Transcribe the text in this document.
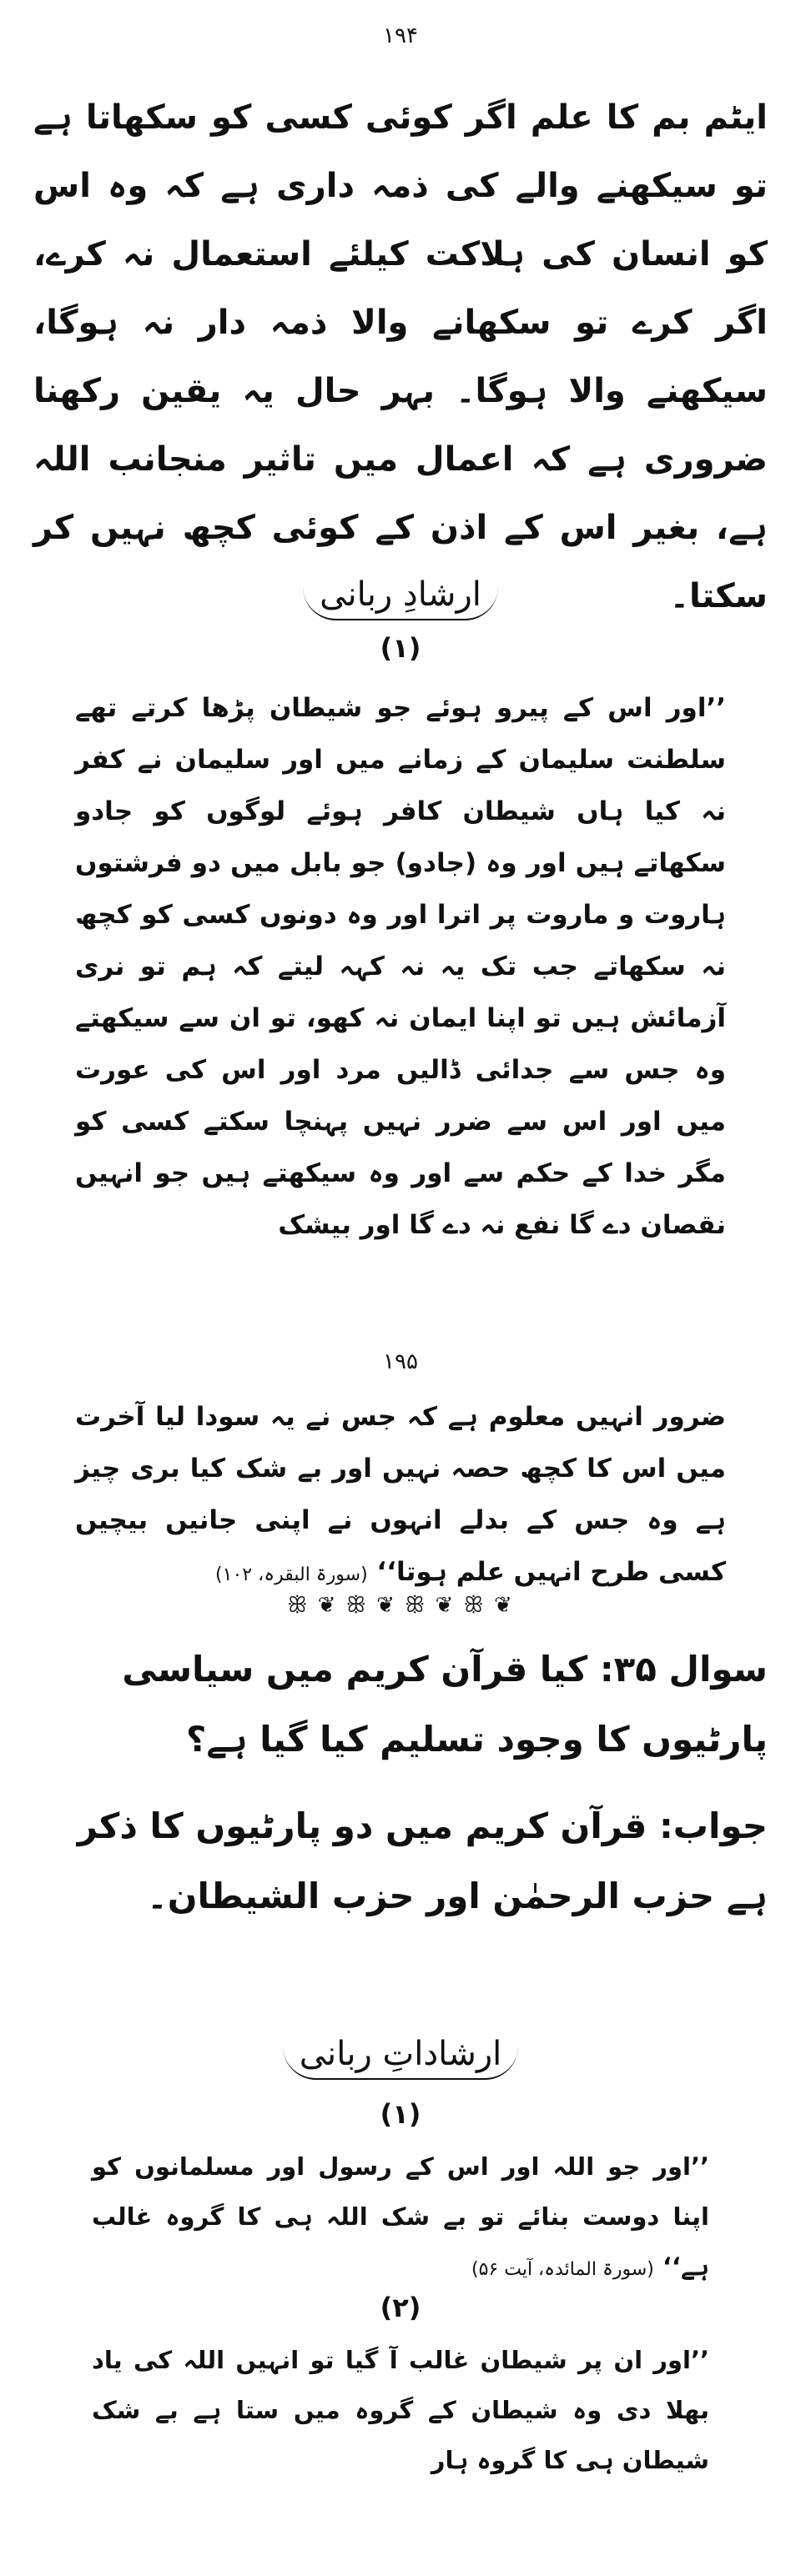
۱۹۴

ایٹم بم کا علم اگر کوئی کسی کو سکھاتا ہے تو سیکھنے والے کی ذمہ داری ہے کہ وہ اس کو انسان کی ہلاکت کیلئے استعمال نہ کرے، اگر کرے تو سکھانے والا ذمہ دار نہ ہوگا، سیکھنے والا ہوگا۔ بہر حال یہ یقین رکھنا ضروری ہے کہ اعمال میں تاثیر منجانب اللہ ہے، بغیر اس کے اذن کے کوئی کچھ نہیں کر سکتا۔

ارشادِ ربانی
(۱)

’’اور اس کے پیرو ہوئے جو شیطان پڑھا کرتے تھے سلطنت سلیمان کے زمانے میں اور سلیمان نے کفر نہ کیا ہاں شیطان کافر ہوئے لوگوں کو جادو سکھاتے ہیں اور وہ (جادو) جو بابل میں دو فرشتوں ہاروت و ماروت پر اترا اور وہ دونوں کسی کو کچھ نہ سکھاتے جب تک یہ نہ کہہ لیتے کہ ہم تو نری آزمائش ہیں تو اپنا ایمان نہ کھو، تو ان سے سیکھتے وہ جس سے جدائی ڈالیں مرد اور اس کی عورت میں اور اس سے ضرر نہیں پہنچا سکتے کسی کو مگر خدا کے حکم سے اور وہ سیکھتے ہیں جو انہیں نقصان دے گا نفع نہ دے گا اور بیشک

۱۹۵

ضرور انہیں معلوم ہے کہ جس نے یہ سودا لیا آخرت میں اس کا کچھ حصہ نہیں اور بے شک کیا بری چیز ہے وہ جس کے بدلے انہوں نے اپنی جانیں بیچیں کسی طرح انہیں علم ہوتا‘‘ (سورۃ البقرہ، ۱۰۲)

ꕥ ❦ ꕥ ❦ ꕥ ❦ ꕥ ❦

سوال ۳۵: کیا قرآن کریم میں سیاسی پارٹیوں کا وجود تسلیم کیا گیا ہے؟

جواب: قرآن کریم میں دو پارٹیوں کا ذکر ہے حزب الرحمٰن اور حزب الشیطان۔

ارشاداتِ ربانی
(۱)

’’اور جو اللہ اور اس کے رسول اور مسلمانوں کو اپنا دوست بنائے تو بے شک اللہ ہی کا گروہ غالب ہے‘‘ (سورۃ المائدہ، آیت ۵۶)

(۲)

’’اور ان پر شیطان غالب آ گیا تو انہیں اللہ کی یاد بھلا دی وہ شیطان کے گروہ میں ستا ہے بے شک شیطان ہی کا گروہ ہار
